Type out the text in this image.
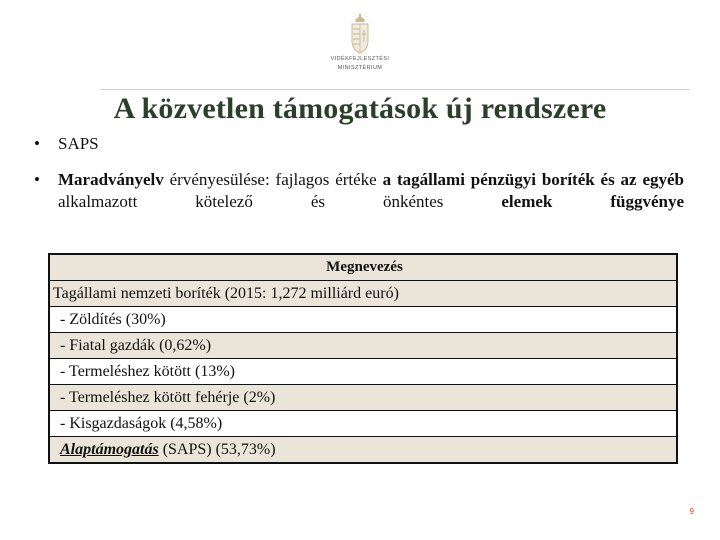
VIDÉKFEJLESZTÉSI
MINISZTÉRIUM
A közvetlen támogatások új rendszere
• SAPS
• Maradványelv érvényesülése: fajlagos értéke a tagállami pénzügyi boríték és az egyéb alkalmazott kötelező és önkéntes elemek függvénye
Megnevezés
Tagállami nemzeti boríték (2015: 1,272 milliárd euró)
- Zöldítés (30%)
- Fiatal gazdák (0,62%)
- Termeléshez kötött (13%)
- Termeléshez kötött fehérje (2%)
- Kisgazdaságok (4,58%)
Alaptámogatás (SAPS) (53,73%)
9
